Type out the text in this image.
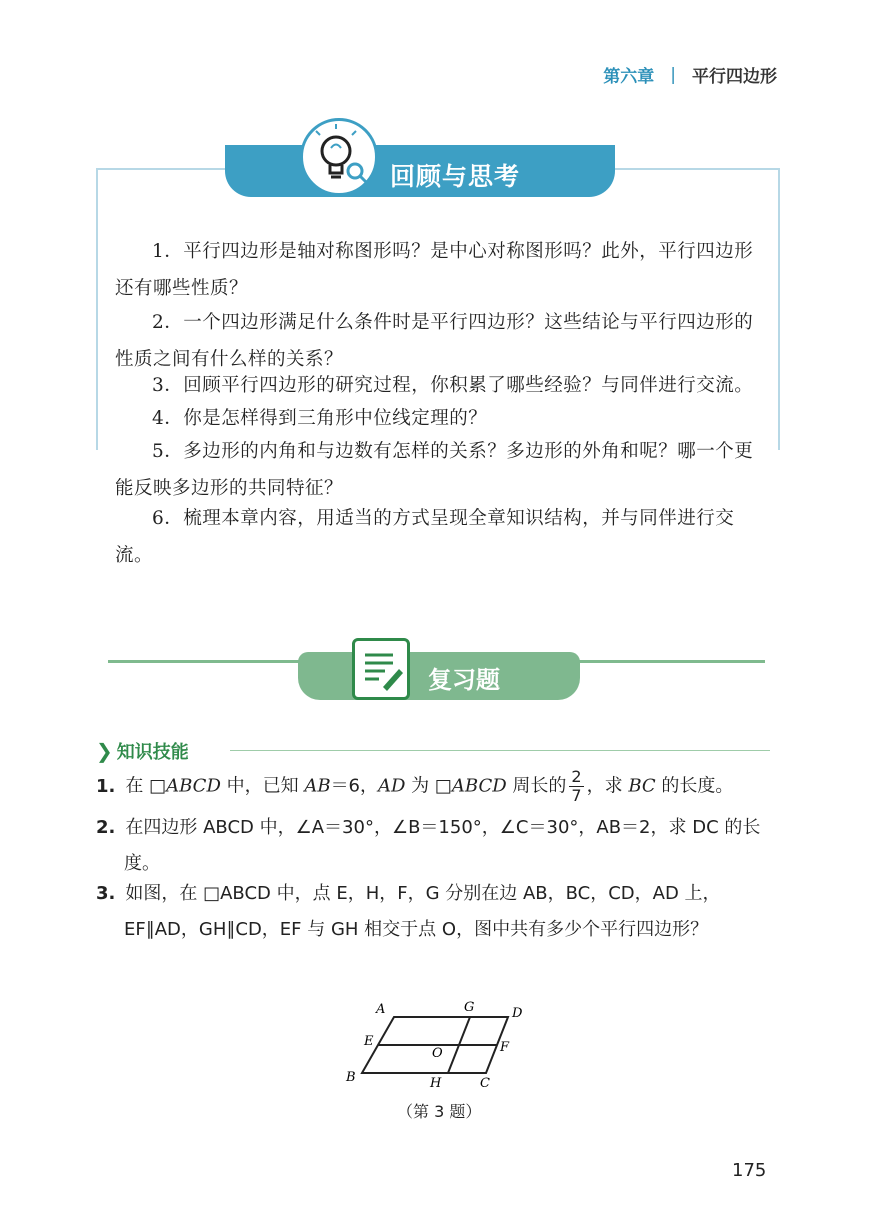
第六章 | 平行四边形
回顾与思考
1．平行四边形是轴对称图形吗？是中心对称图形吗？此外，平行四边形还有哪些性质？
2．一个四边形满足什么条件时是平行四边形？这些结论与平行四边形的性质之间有什么样的关系？
3．回顾平行四边形的研究过程，你积累了哪些经验？与同伴进行交流。
4．你是怎样得到三角形中位线定理的？
5．多边形的内角和与边数有怎样的关系？多边形的外角和呢？哪一个更能反映多边形的共同特征？
6．梳理本章内容，用适当的方式呈现全章知识结构，并与同伴进行交流。
复习题
❯ 知识技能
1. 在 □ABCD 中，已知 AB＝6，AD 为 □ABCD 周长的 $\frac{2}{7}$ ，求 BC 的长度。
2. 在四边形 ABCD 中，∠A＝30°，∠B＝150°，∠C＝30°，AB＝2，求 DC 的长度。
3. 如图，在 □ABCD 中，点 E，H，F，G 分别在边 AB，BC，CD，AD 上，EF∥AD，GH∥CD，EF 与 GH 相交于点 O，图中共有多少个平行四边形？
A	G	D
E
O	F
B	H	C
（第 3 题）
175
